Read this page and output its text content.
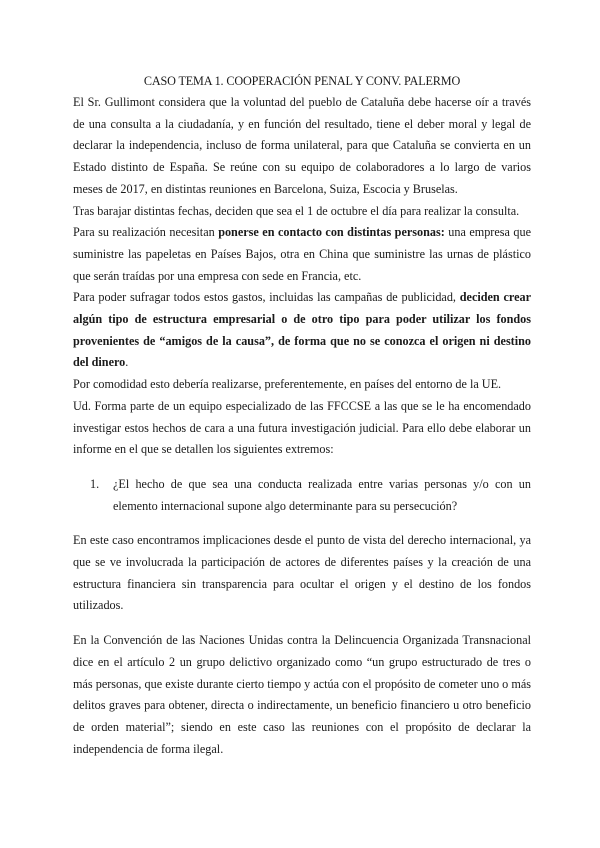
CASO TEMA 1. COOPERACIÓN PENAL Y CONV. PALERMO

El Sr. Gullimont considera que la voluntad del pueblo de Cataluña debe hacerse oír a través de una consulta a la ciudadanía, y en función del resultado, tiene el deber moral y legal de declarar la independencia, incluso de forma unilateral, para que Cataluña se convierta en un Estado distinto de España. Se reúne con su equipo de colaboradores a lo largo de varios meses de 2017, en distintas reuniones en Barcelona, Suiza, Escocia y Bruselas.

Tras barajar distintas fechas, deciden que sea el 1 de octubre el día para realizar la consulta.

Para su realización necesitan ponerse en contacto con distintas personas: una empresa que suministre las papeletas en Países Bajos, otra en China que suministre las urnas de plástico que serán traídas por una empresa con sede en Francia, etc.

Para poder sufragar todos estos gastos, incluidas las campañas de publicidad, deciden crear algún tipo de estructura empresarial o de otro tipo para poder utilizar los fondos provenientes de “amigos de la causa”, de forma que no se conozca el origen ni destino del dinero.

Por comodidad esto debería realizarse, preferentemente, en países del entorno de la UE.

Ud. Forma parte de un equipo especializado de las FFCCSE a las que se le ha encomendado investigar estos hechos de cara a una futura investigación judicial. Para ello debe elaborar un informe en el que se detallen los siguientes extremos:

1. ¿El hecho de que sea una conducta realizada entre varias personas y/o con un elemento internacional supone algo determinante para su persecución?

En este caso encontramos implicaciones desde el punto de vista del derecho internacional, ya que se ve involucrada la participación de actores de diferentes países y la creación de una estructura financiera sin transparencia para ocultar el origen y el destino de los fondos utilizados.

En la Convención de las Naciones Unidas contra la Delincuencia Organizada Transnacional dice en el artículo 2 un grupo delictivo organizado como “un grupo estructurado de tres o más personas, que existe durante cierto tiempo y actúa con el propósito de cometer uno o más delitos graves para obtener, directa o indirectamente, un beneficio financiero u otro beneficio de orden material”; siendo en este caso las reuniones con el propósito de declarar la independencia de forma ilegal.
